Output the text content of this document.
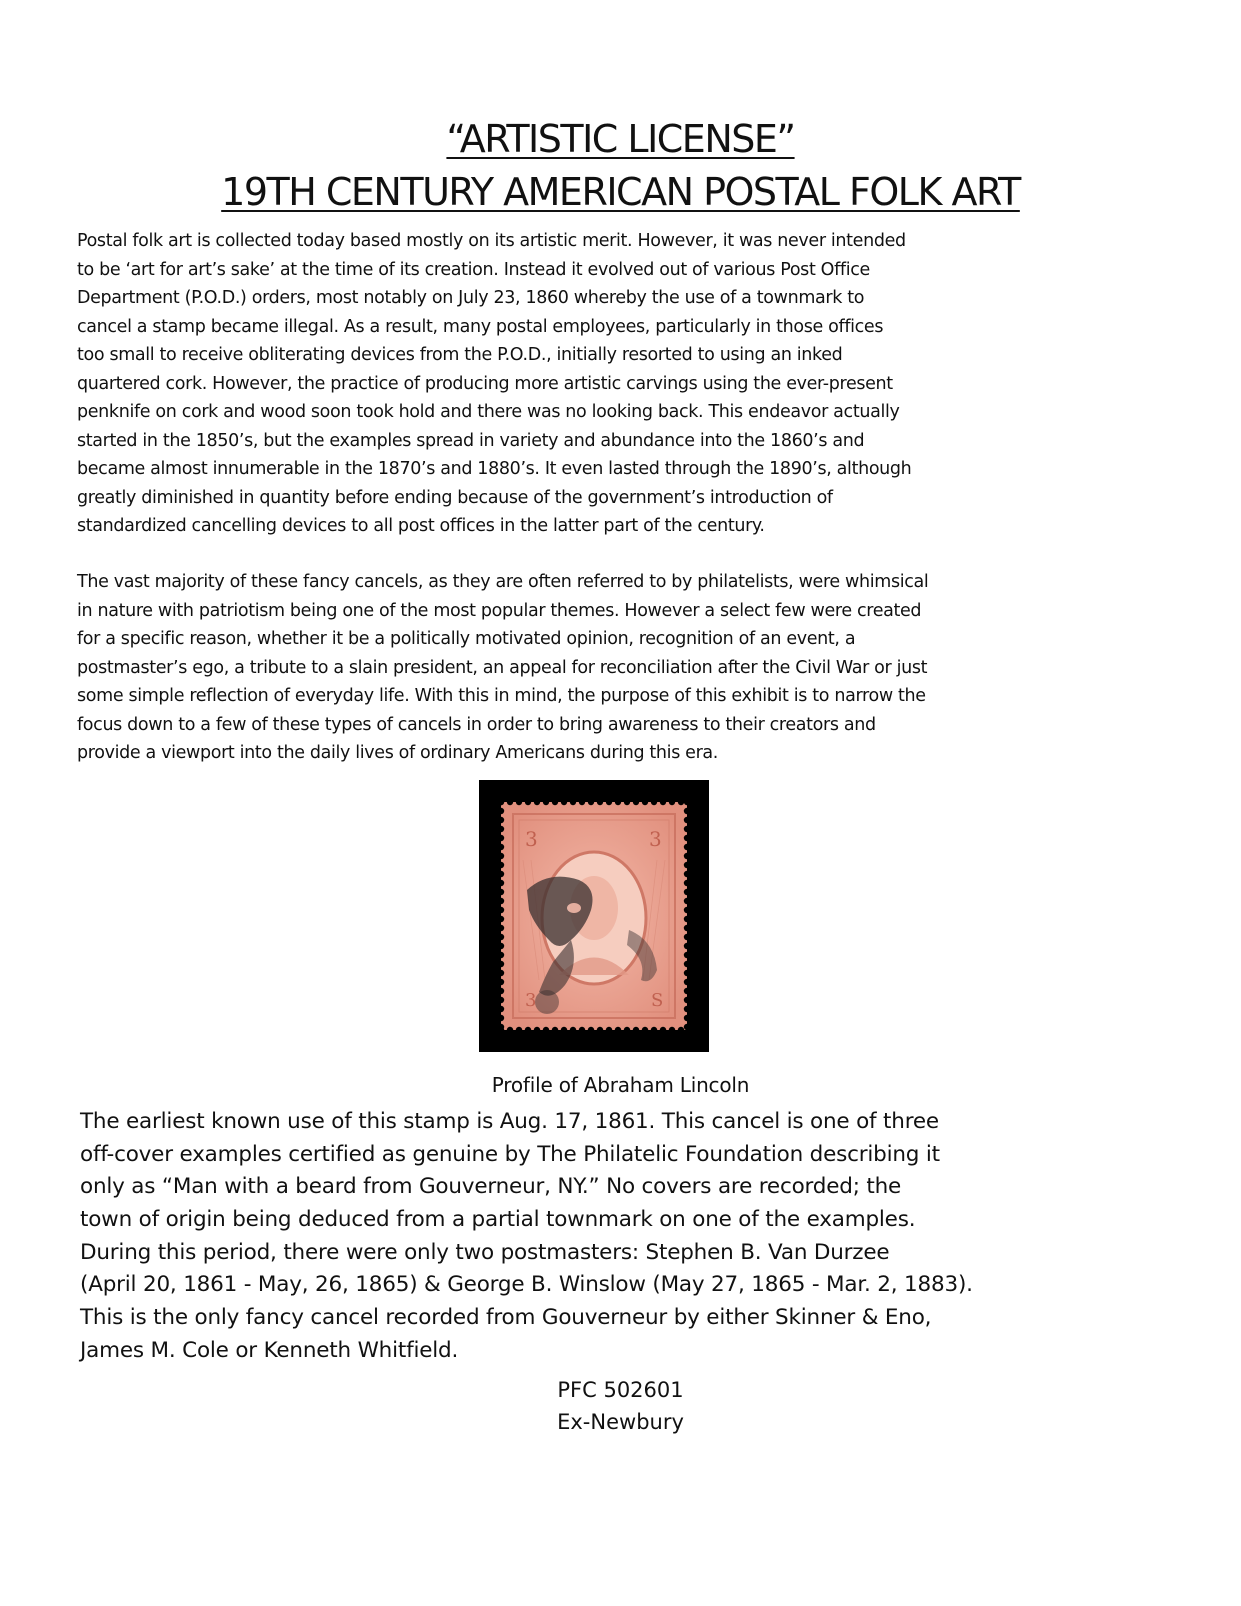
“ARTISTIC LICENSE”
19TH CENTURY AMERICAN POSTAL FOLK ART
Postal folk art is collected today based mostly on its artistic merit. However, it was never intended
to be ‘art for art’s sake’ at the time of its creation. Instead it evolved out of various Post Office
Department (P.O.D.) orders, most notably on July 23, 1860 whereby the use of a townmark to
cancel a stamp became illegal. As a result, many postal employees, particularly in those offices
too small to receive obliterating devices from the P.O.D., initially resorted to using an inked
quartered cork. However, the practice of producing more artistic carvings using the ever-present
penknife on cork and wood soon took hold and there was no looking back. This endeavor actually
started in the 1850’s, but the examples spread in variety and abundance into the 1860’s and
became almost innumerable in the 1870’s and 1880’s. It even lasted through the 1890’s, although
greatly diminished in quantity before ending because of the government’s introduction of
standardized cancelling devices to all post offices in the latter part of the century.
The vast majority of these fancy cancels, as they are often referred to by philatelists, were whimsical
in nature with patriotism being one of the most popular themes. However a select few were created
for a specific reason, whether it be a politically motivated opinion, recognition of an event, a
postmaster’s ego, a tribute to a slain president, an appeal for reconciliation after the Civil War or just
some simple reflection of everyday life. With this in mind, the purpose of this exhibit is to narrow the
focus down to a few of these types of cancels in order to bring awareness to their creators and
provide a viewport into the daily lives of ordinary Americans during this era.
3	3
3	S
Profile of Abraham Lincoln
The earliest known use of this stamp is Aug. 17, 1861. This cancel is one of three
off-cover examples certified as genuine by The Philatelic Foundation describing it
only as “Man with a beard from Gouverneur, NY.” No covers are recorded; the
town of origin being deduced from a partial townmark on one of the examples.
During this period, there were only two postmasters: Stephen B. Van Durzee
(April 20, 1861 - May, 26, 1865) & George B. Winslow (May 27, 1865 - Mar. 2, 1883).
This is the only fancy cancel recorded from Gouverneur by either Skinner & Eno,
James M. Cole or Kenneth Whitfield.
PFC 502601
Ex-Newbury
